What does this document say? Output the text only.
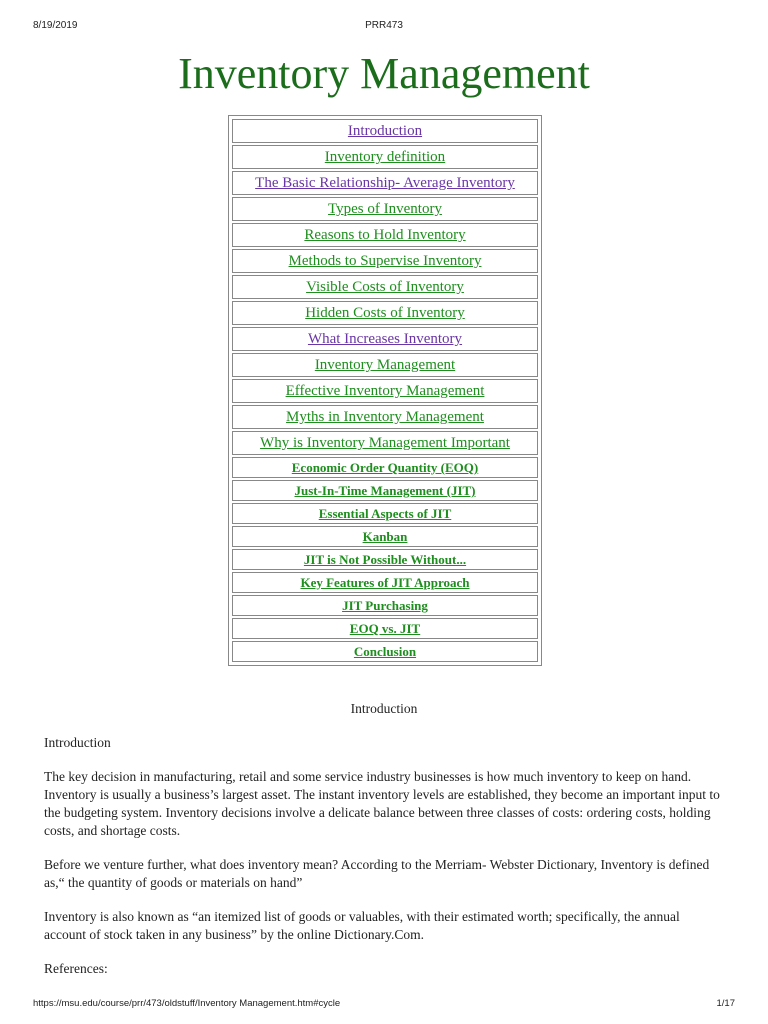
8/19/2019	PRR473
Inventory Management
Introduction
Inventory definition
The Basic Relationship- Average Inventory
Types of Inventory
Reasons to Hold Inventory
Methods to Supervise Inventory
Visible Costs of Inventory
Hidden Costs of Inventory
What Increases Inventory
Inventory Management
Effective Inventory Management
Myths in Inventory Management
Why is Inventory Management Important
Economic Order Quantity (EOQ)
Just-In-Time Management (JIT)
Essential Aspects of JIT
Kanban
JIT is Not Possible Without...
Key Features of JIT Approach
JIT Purchasing
EOQ vs. JIT
Conclusion
Introduction

Introduction

The key decision in manufacturing, retail and some service industry businesses is how much inventory to keep on hand. Inventory is usually a business’s largest asset. The instant inventory levels are established, they become an important input to the budgeting system. Inventory decisions involve a delicate balance between three classes of costs: ordering costs, holding costs, and shortage costs.

Before we venture further, what does inventory mean? According to the Merriam- Webster Dictionary, Inventory is defined as,“ the quantity of goods or materials on hand”

Inventory is also known as “an itemized list of goods or valuables, with their estimated worth; specifically, the annual account of stock taken in any business” by the online Dictionary.Com.

References:

https://msu.edu/course/prr/473/oldstuff/Inventory Management.htm#cycle	1/17
